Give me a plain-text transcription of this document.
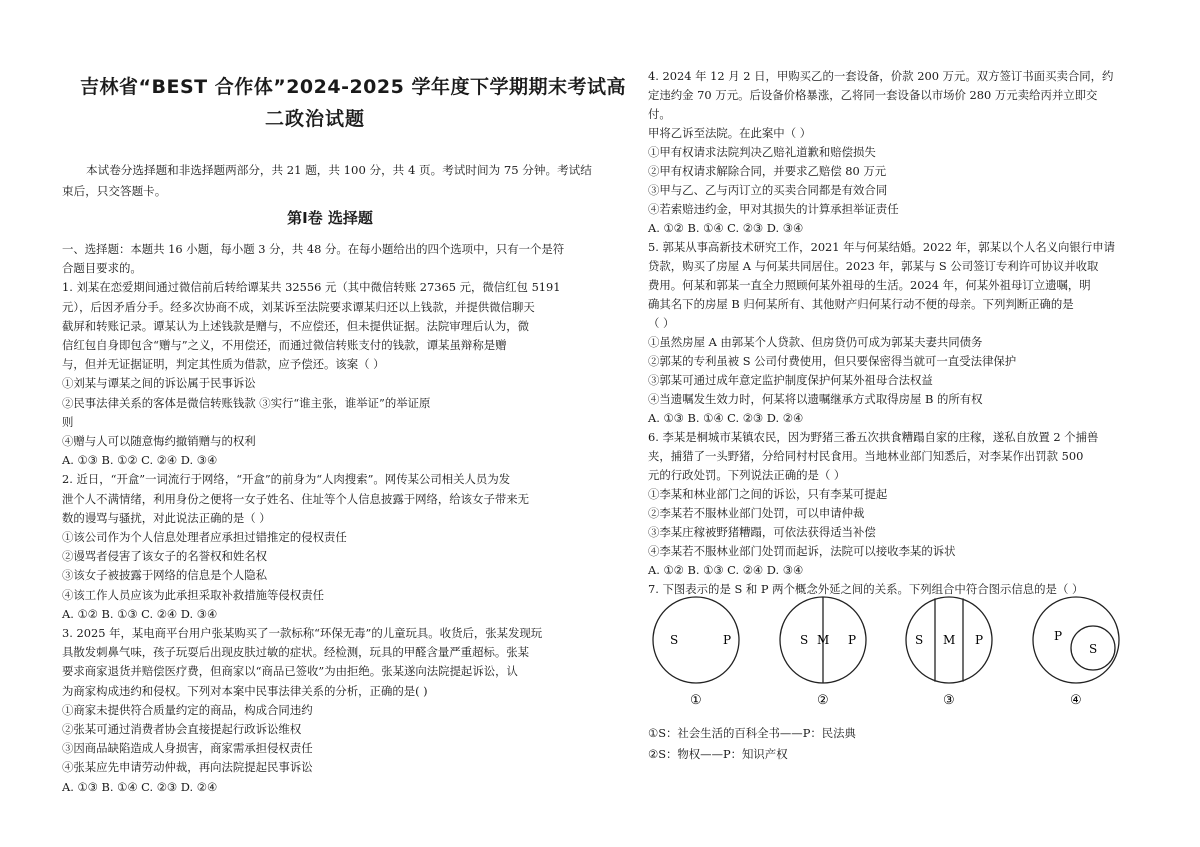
吉林省“BEST 合作体”2024-2025 学年度下学期期末考试高
二政治试题
本试卷分选择题和非选择题两部分，共 21 题，共 100 分，共 4 页。考试时间为 75 分钟。考试结束后，只交答题卡。
第Ⅰ卷 选择题
一、选择题：本题共 16 小题，每小题 3 分，共 48 分。在每小题给出的四个选项中，只有一个是符
合题目要求的。
1. 刘某在恋爱期间通过微信前后转给谭某共 32556 元（其中微信转账 27365 元，微信红包 5191
元），后因矛盾分手。经多次协商不成，刘某诉至法院要求谭某归还以上钱款，并提供微信聊天
截屏和转账记录。谭某认为上述钱款是赠与，不应偿还，但未提供证据。法院审理后认为，微
信红包自身即包含“赠与”之义，不用偿还，而通过微信转账支付的钱款，谭某虽辩称是赠
与，但并无证据证明，判定其性质为借款，应予偿还。该案（ ）
①刘某与谭某之间的诉讼属于民事诉讼
②民事法律关系的客体是微信转账钱款 ③实行“谁主张，谁举证”的举证原
则
④赠与人可以随意悔约撤销赠与的权利
A. ①③ B. ①② C. ②④ D. ③④
2. 近日，“开盒”一词流行于网络，“开盒”的前身为“人肉搜索”。网传某公司相关人员为发
泄个人不满情绪，利用身份之便将一女子姓名、住址等个人信息披露于网络，给该女子带来无
数的谩骂与骚扰，对此说法正确的是（ ）
①该公司作为个人信息处理者应承担过错推定的侵权责任
②谩骂者侵害了该女子的名誉权和姓名权
③该女子被披露于网络的信息是个人隐私
④该工作人员应该为此承担采取补救措施等侵权责任
A. ①② B. ①③ C. ②④ D. ③④
3. 2025 年，某电商平台用户张某购买了一款标称“环保无毒”的儿童玩具。收货后，张某发现玩
具散发刺鼻气味，孩子玩耍后出现皮肤过敏的症状。经检测，玩具的甲醛含量严重超标。张某
要求商家退货并赔偿医疗费，但商家以“商品已签收”为由拒绝。张某遂向法院提起诉讼，认
为商家构成违约和侵权。下列对本案中民事法律关系的分析，正确的是( )
①商家未提供符合质量约定的商品，构成合同违约
②张某可通过消费者协会直接提起行政诉讼维权
③因商品缺陷造成人身损害，商家需承担侵权责任
④张某应先申请劳动仲裁，再向法院提起民事诉讼
A. ①③ B. ①④ C. ②③ D. ②④
4. 2024 年 12 月 2 日，甲购买乙的一套设备，价款 200 万元。双方签订书面买卖合同，约
定违约金 70 万元。后设备价格暴涨，乙将同一套设备以市场价 280 万元卖给丙并立即交
付。
甲将乙诉至法院。在此案中（ ）
①甲有权请求法院判决乙赔礼道歉和赔偿损失
②甲有权请求解除合同，并要求乙赔偿 80 万元
③甲与乙、乙与丙订立的买卖合同都是有效合同
④若索赔违约金，甲对其损失的计算承担举证责任
A. ①② B. ①④ C. ②③ D. ③④
5. 郭某从事高新技术研究工作，2021 年与何某结婚。2022 年，郭某以个人名义向银行申请
贷款，购买了房屋 A 与何某共同居住。2023 年，郭某与 S 公司签订专利许可协议并收取
费用。何某和郭某一直全力照顾何某外祖母的生活。2024 年，何某外祖母订立遗嘱，明
确其名下的房屋 B 归何某所有、其他财产归何某行动不便的母亲。下列判断正确的是
（ ）
①虽然房屋 A 由郭某个人贷款、但房贷仍可成为郭某夫妻共同债务
②郭某的专利虽被 S 公司付费使用，但只要保密得当就可一直受法律保护
③郭某可通过成年意定监护制度保护何某外祖母合法权益
④当遗嘱发生效力时，何某将以遗嘱继承方式取得房屋 B 的所有权
A. ①③ B. ①④ C. ②③ D. ②④
6. 李某是桐城市某镇农民，因为野猪三番五次拱食糟蹋自家的庄稼，遂私自放置 2 个捕兽
夹，捕猎了一头野猪，分给同村村民食用。当地林业部门知悉后，对李某作出罚款 500
元的行政处罚。下列说法正确的是（ ）
①李某和林业部门之间的诉讼，只有李某可提起
②李某若不服林业部门处罚，可以申请仲裁
③李某庄稼被野猪糟蹋，可依法获得适当补偿
④李某若不服林业部门处罚而起诉，法院可以接收李某的诉状
A. ①② B. ①③ C. ②④ D. ③④
7. 下图表示的是 S 和 P 两个概念外延之间的关系。下列组合中符合图示信息的是（ ）
S	P	S M P	S M P	P
S
①	②	③	④
①S：社会生活的百科全书——P：民法典
②S：物权——P：知识产权
